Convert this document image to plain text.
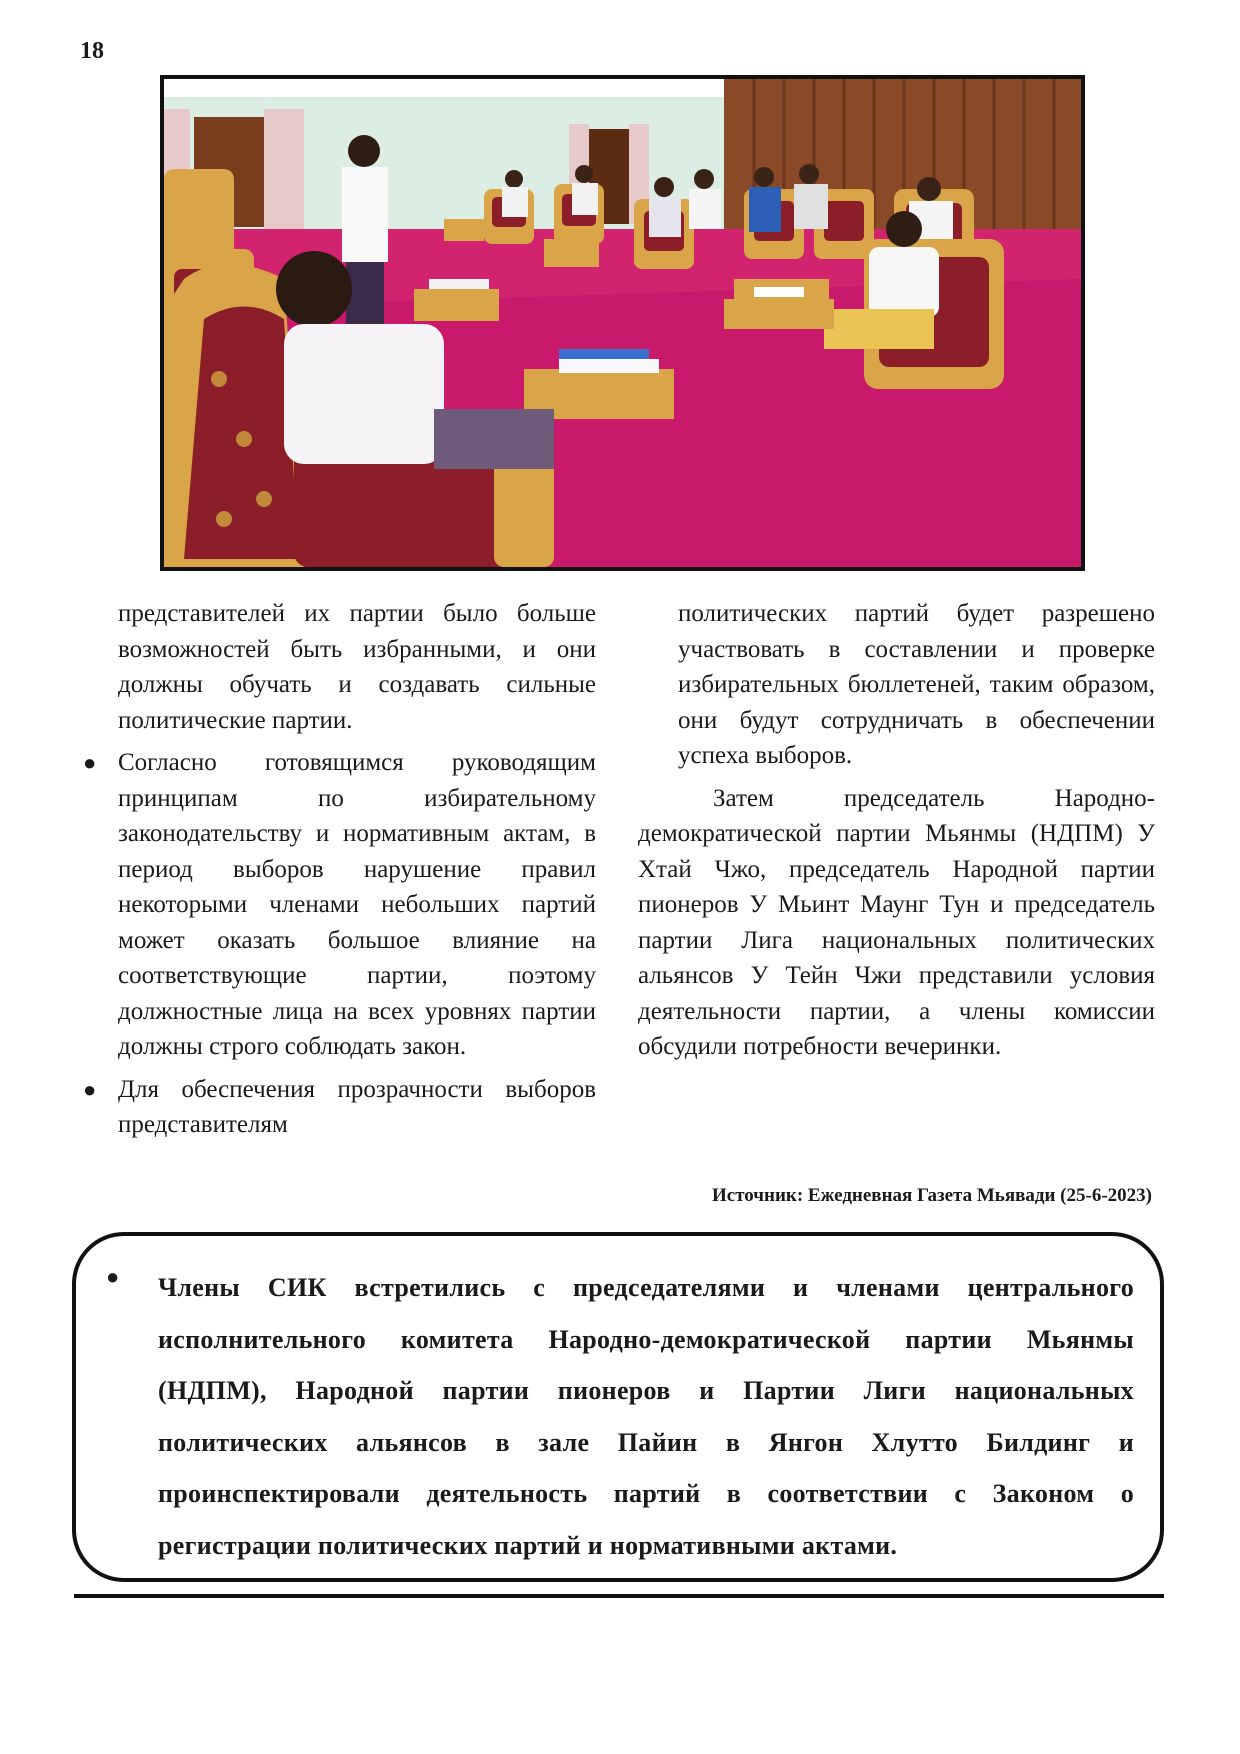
18

представителей их партии было больше возможностей быть избранными, и они должны обучать и создавать сильные политические партии.

● Согласно готовящимся руководящим принципам по избирательному законодательству и нормативным актам, в период выборов нарушение правил некоторыми членами небольших партий может оказать большое влияние на соответствующие партии, поэтому должностные лица на всех уровнях партии должны строго соблюдать закон.

● Для обеспечения прозрачности выборов представителям

политических партий будет разрешено участвовать в составлении и проверке избирательных бюллетеней, таким образом, они будут сотрудничать в обеспечении успеха выборов.

Затем председатель Народно-демократической партии Мьянмы (НДПМ) У Хтай Чжо, председатель Народной партии пионеров У Мьинт Маунг Тун и председатель партии Лига национальных политических альянсов У Тейн Чжи представили условия деятельности партии, а члены комиссии обсудили потребности вечеринки.

Источник: Ежедневная Газета Мьявади (25-6-2023)
● Члены СИК встретились с председателями и членами центрального исполнительного комитета Народно-демократической партии Мьянмы (НДПМ), Народной партии пионеров и Партии Лиги национальных политических альянсов в зале Пайин в Янгон Хлутто Билдинг и проинспектировали деятельность партий в соответствии с Законом о регистрации политических партий и нормативными актами.
